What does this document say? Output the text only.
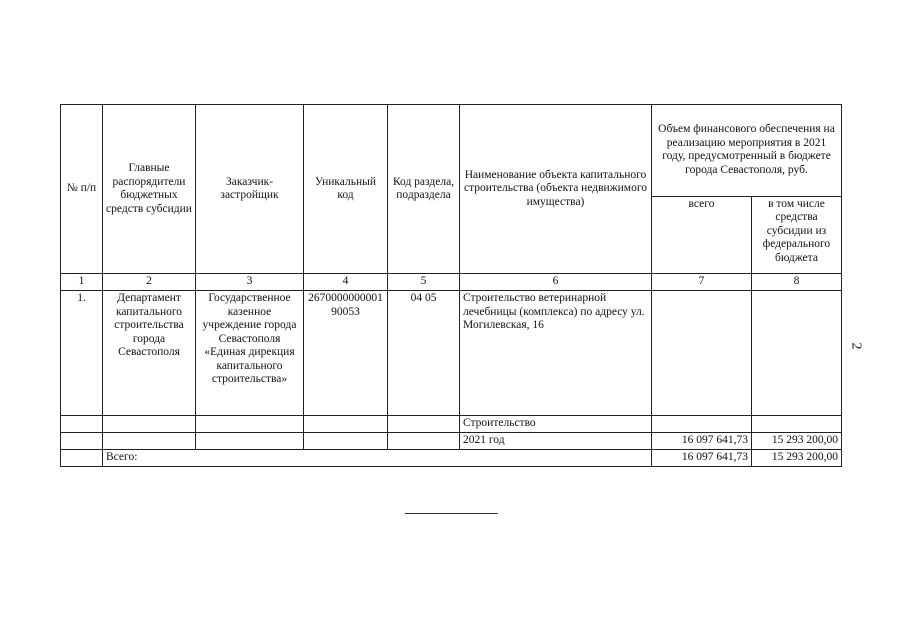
№ п/п	Главные распорядители бюджетных средств субсидии	Заказчик-застройщик	Уникальный код	Код раздела, подраздела	Наименование объекта капитального строительства (объекта недвижимого имущества)	Объем финансового обеспечения на реализацию мероприятия в 2021 году, предусмотренный в бюджете города Севастополя, руб.	
						всего	в том числе средства субсидии из федерального бюджета
1	2	3	4	5	6	7	8
1.	Департамент капитального строительства города Севастополя	Государственное казенное учреждение города Севастополя «Единая дирекция капитального строительства»	267000000000190053	04 05	Строительство ветеринарной лечебницы (комплекса) по адресу ул. Могилевская, 16		
					Строительство		
					2021 год	16 097 641,73	15 293 200,00
	Всего:					16 097 641,73	15 293 200,00
2
